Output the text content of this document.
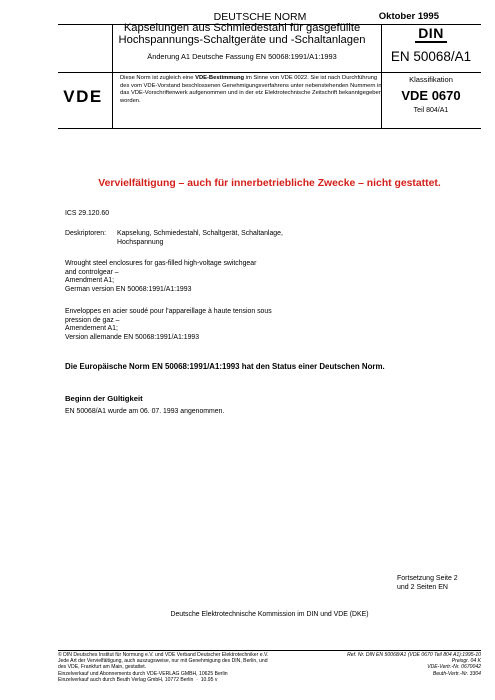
DEUTSCHE NORM	Oktober 1995
Kapselungen aus Schmiedestahl für gasgefüllte Hochspannungs-Schaltgeräte und -Schaltanlagen
Änderung A1 Deutsche Fassung EN 50068:1991/A1:1993
DIN
EN 50068/A1
VDE
Diese Norm ist zugleich eine VDE-Bestimmung im Sinne von VDE 0022. Sie ist nach Durchführung des vom VDE-Vorstand beschlossenen Genehmigungsverfahrens unter nebenstehenden Nummern in das VDE-Vorschriftenwerk aufgenommen und in der etz Elektrotechnische Zeitschrift bekanntgegeben worden.
Klassifikation
VDE 0670
Teil 804/A1
Vervielfältigung – auch für innerbetriebliche Zwecke – nicht gestattet.
ICS 29.120.60
Deskriptoren: Kapselung, Schmiedestahl, Schaltgerät, Schaltanlage, Hochspannung
Wrought steel enclosures for gas-filled high-voltage switchgear
and controlgear –
Amendment A1;
German version EN 50068:1991/A1:1993
Enveloppes en acier soudé pour l'appareillage à haute tension sous
pression de gaz –
Amendement A1;
Version allemande EN 50068:1991/A1:1993
Die Europäische Norm EN 50068:1991/A1:1993 hat den Status einer Deutschen Norm.
Beginn der Gültigkeit
EN 50068/A1 wurde am 06. 07. 1993 angenommen.
Fortsetzung Seite 2
und 2 Seiten EN
Deutsche Elektrotechnische Kommission im DIN und VDE (DKE)
© DIN Deutsches Institut für Normung e.V. und VDE Verband Deutscher Elektrotechniker e.V.
Jede Art der Vervielfältigung, auch auszugsweise, nur mit Genehmigung des DIN, Berlin, und
des VDE, Frankfurt am Main, gestattet.
Einzelverkauf und Abonnements durch VDE-VERLAG GMBH, 10625 Berlin
Einzelverkauf auch durch Beuth Verlag GmbH, 10772 Berlin  ·  10.95 v
Ref. Nr. DIN EN 50068/A1 (VDE 0670 Teil 804 A1):1995-10
Preisgr. 04 K
VDE-Vertr.-Nr. 0670042
Beuth-Vertr.-Nr. 3304
